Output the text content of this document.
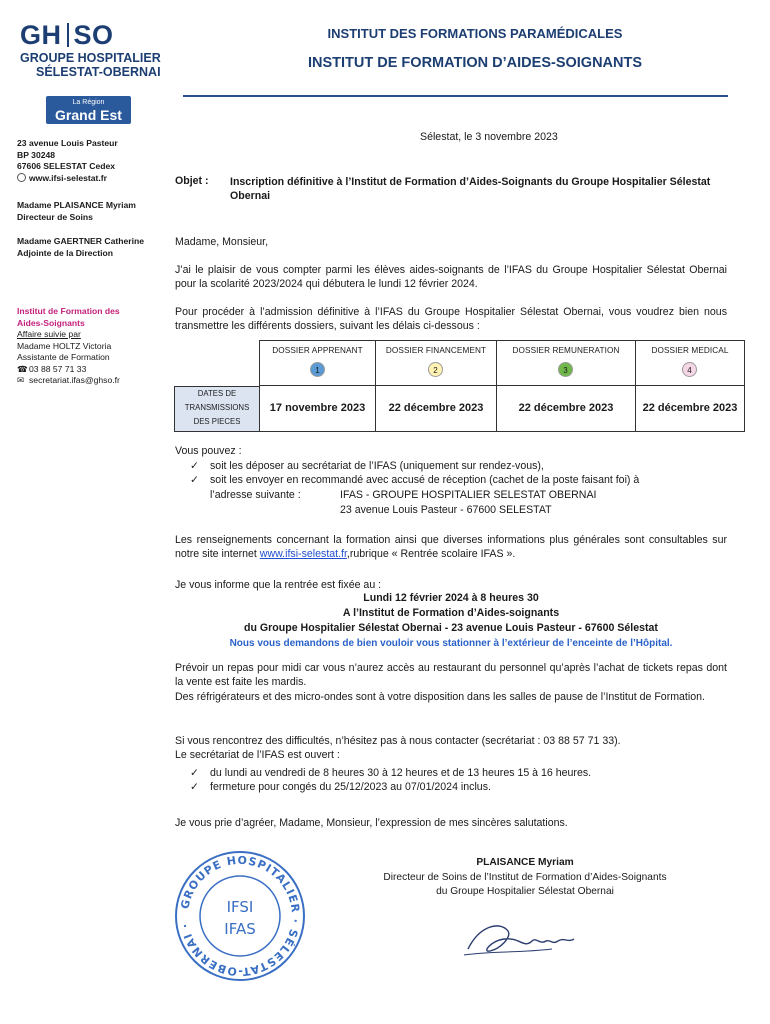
GH SO
GROUPE HOSPITALIER
SÉLESTAT-OBERNAI
La Région
Grand Est
INSTITUT DES FORMATIONS PARAMÉDICALES
INSTITUT DE FORMATION D’AIDES-SOIGNANTS
23 avenue Louis Pasteur
BP 30248
67606 SELESTAT Cedex
www.ifsi-selestat.fr
Madame PLAISANCE Myriam
Directeur de Soins
Madame GAERTNER Catherine
Adjointe de la Direction
Institut de Formation des
Aides-Soignants
Affaire suivie par
Madame HOLTZ Victoria
Assistante de Formation
☎03 88 57 71 33
✉ secretariat.ifas@ghso.fr
Sélestat, le 3 novembre 2023
Objet : Inscription définitive à l’Institut de Formation d’Aides-Soignants du Groupe Hospitalier Sélestat Obernai
Madame, Monsieur,
J’ai le plaisir de vous compter parmi les élèves aides-soignants de l’IFAS du Groupe Hospitalier Sélestat Obernai pour la scolarité 2023/2024 qui débutera le lundi 12 février 2024.
Pour procéder à l’admission définitive à l’IFAS du Groupe Hospitalier Sélestat Obernai, vous voudrez bien nous transmettre les différents dossiers, suivant les délais ci-dessous :
DATES DE
TRANSMISSIONS
DES PIECES
DOSSIER APPRENANT	DOSSIER FINANCEMENT	DOSSIER REMUNERATION	DOSSIER MEDICAL
1	2	3	4
17 novembre 2023	22 décembre 2023	22 décembre 2023	22 décembre 2023
Vous pouvez :
✓ soit les déposer au secrétariat de l’IFAS (uniquement sur rendez-vous),
✓ soit les envoyer en recommandé avec accusé de réception (cachet de la poste faisant foi) à
l’adresse suivante :	IFAS - GROUPE HOSPITALIER SELESTAT OBERNAI
23 avenue Louis Pasteur - 67600 SELESTAT
Les renseignements concernant la formation ainsi que diverses informations plus générales sont consultables sur notre site internet www.ifsi-selestat.fr,rubrique « Rentrée scolaire IFAS ».
Je vous informe que la rentrée est fixée au :
Lundi 12 février 2024 à 8 heures 30
A l’Institut de Formation d’Aides-soignants
du Groupe Hospitalier Sélestat Obernai - 23 avenue Louis Pasteur - 67600 Sélestat
Nous vous demandons de bien vouloir vous stationner à l’extérieur de l’enceinte de l’Hôpital.
Prévoir un repas pour midi car vous n’aurez accès au restaurant du personnel qu’après l’achat de tickets repas dont la vente est faite les mardis.
Des réfrigérateurs et des micro-ondes sont à votre disposition dans les salles de pause de l’Institut de Formation.
Si vous rencontrez des difficultés, n’hésitez pas à nous contacter (secrétariat : 03 88 57 71 33).
Le secrétariat de l’IFAS est ouvert :
✓ du lundi au vendredi de 8 heures 30 à 12 heures et de 13 heures 15 à 16 heures.
✓ fermeture pour congés du 25/12/2023 au 07/01/2024 inclus.
Je vous prie d’agréer, Madame, Monsieur, l’expression de mes sincères salutations.
PLAISANCE Myriam
Directeur de Soins de l’Institut de Formation d’Aides-Soignants
du Groupe Hospitalier Sélestat Obernai
GROUPE HOSPITALIER · SÉLESTAT-OBERNAI ·
IFSI
IFAS
